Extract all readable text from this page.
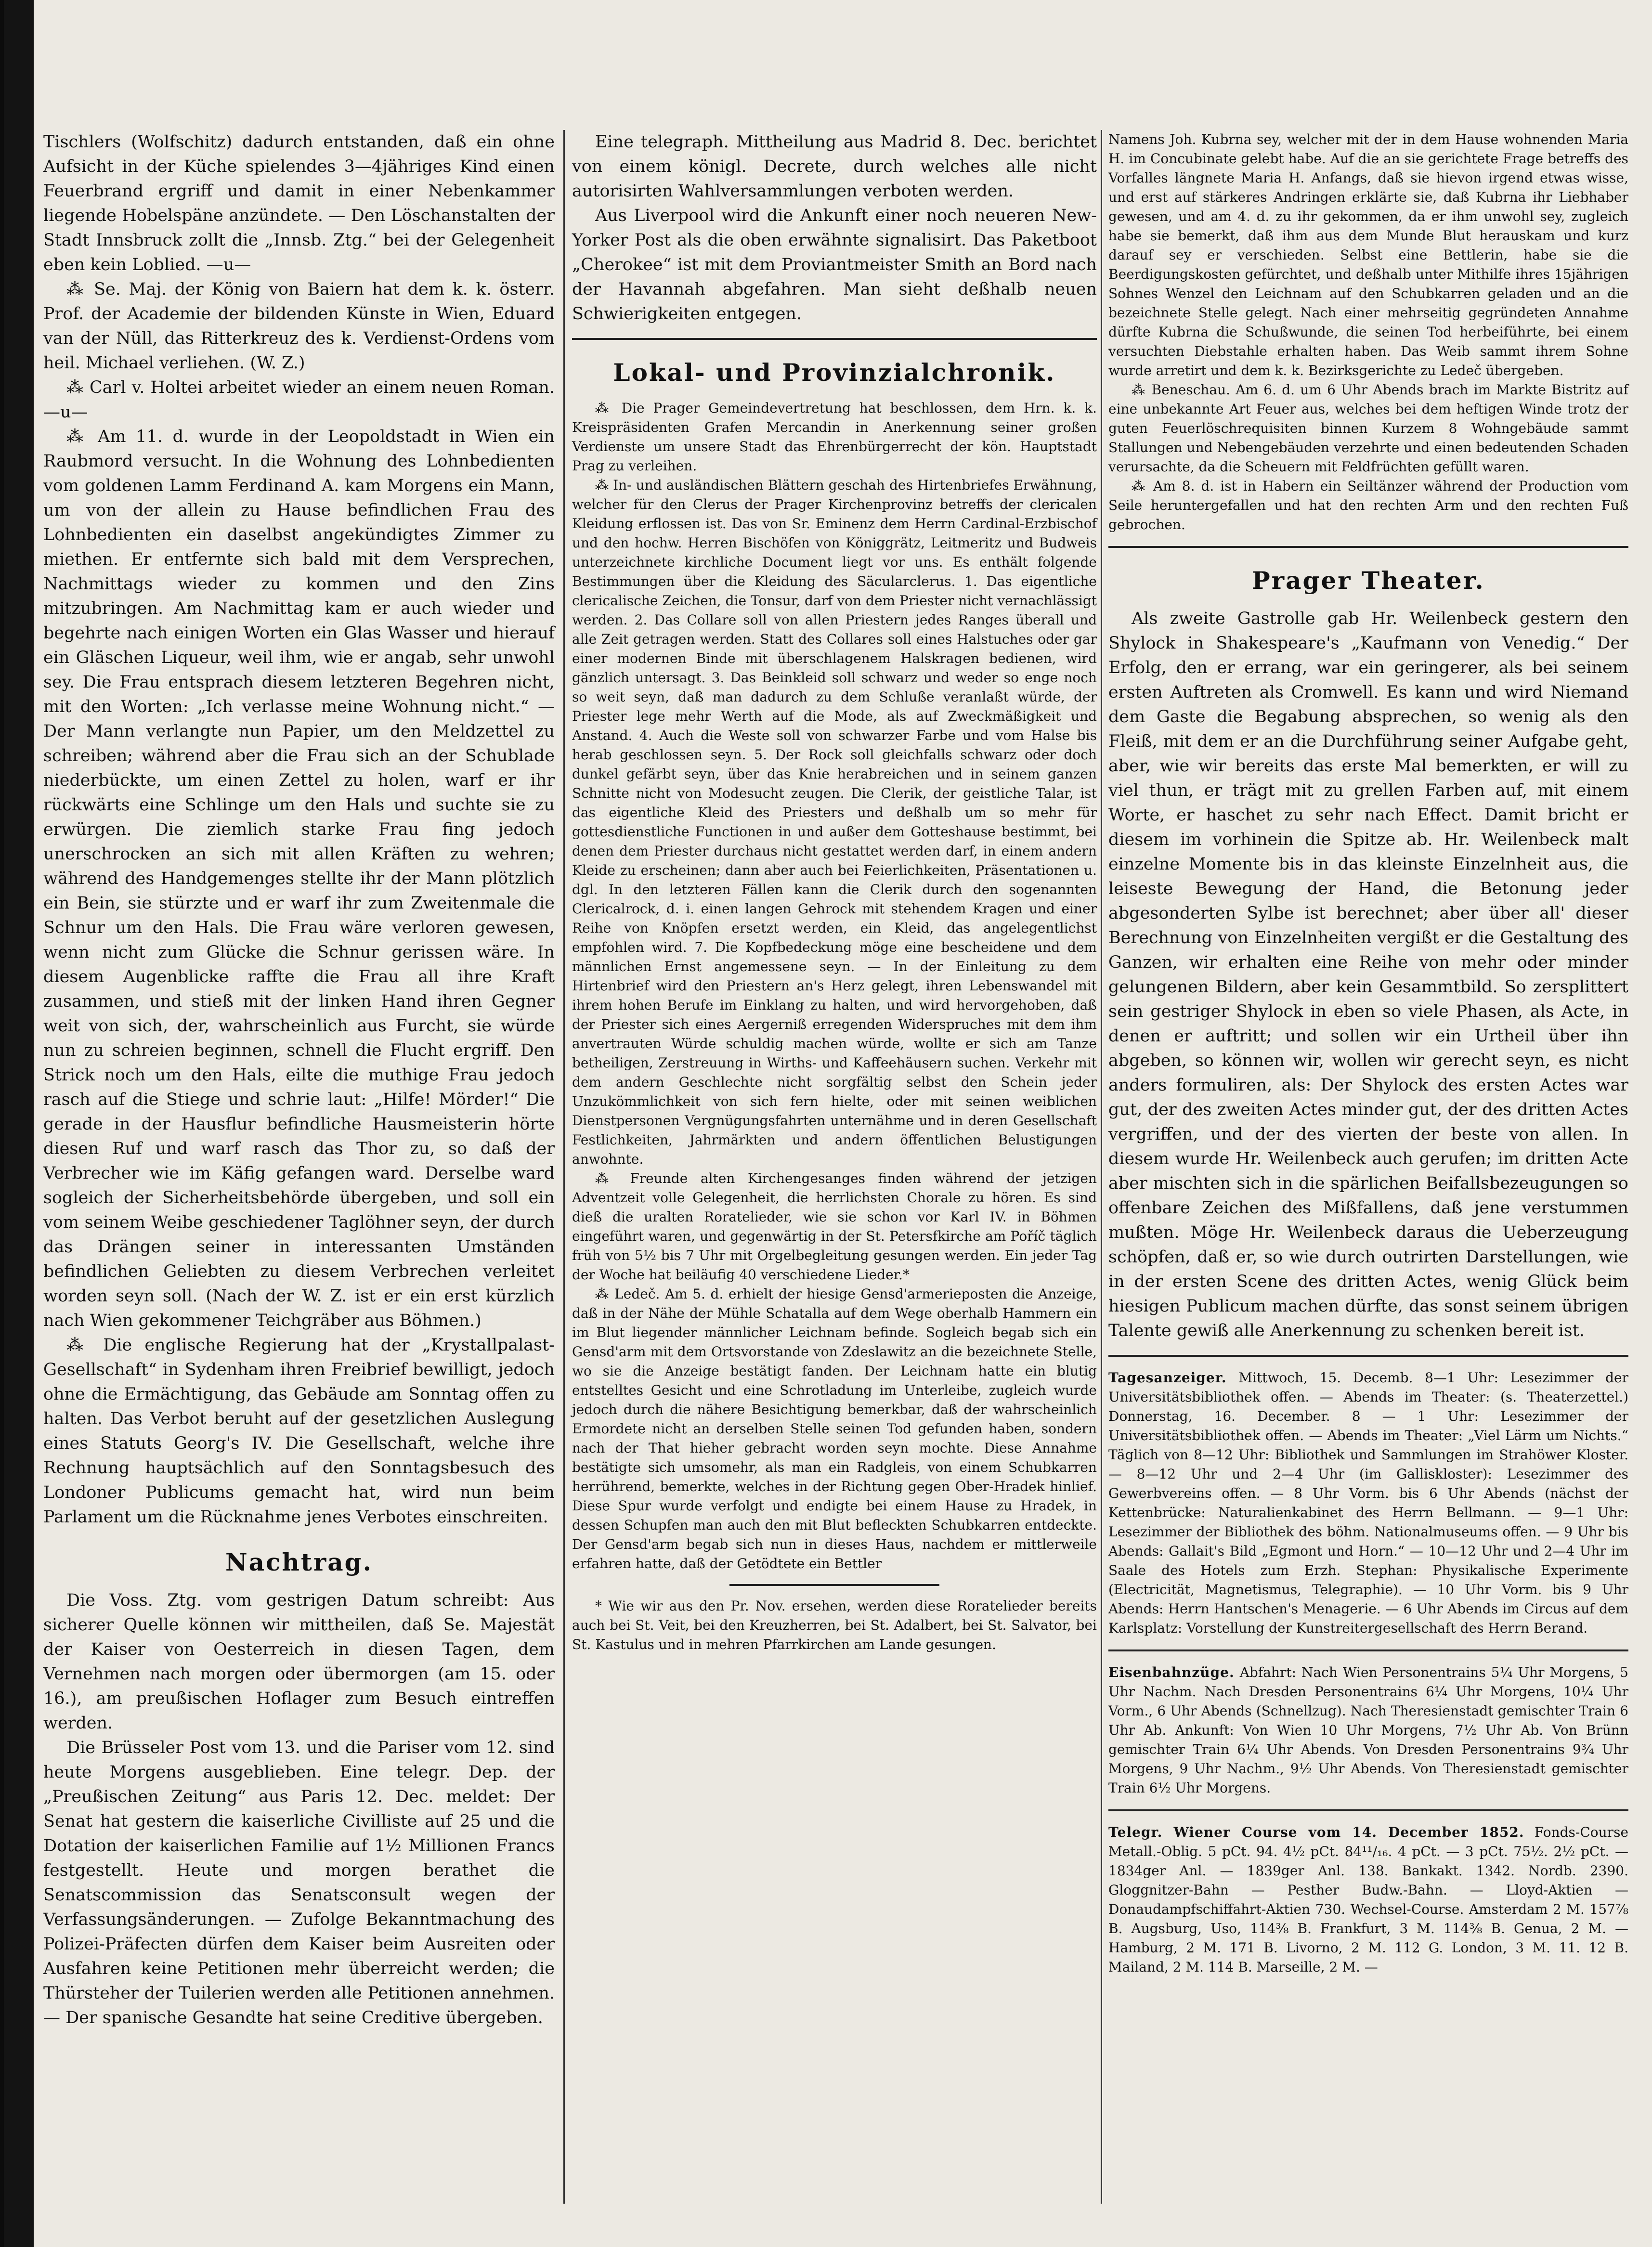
Tischlers (Wolfschitz) dadurch entstanden, daß ein ohne Aufsicht in der Küche spielendes 3—4jähriges Kind einen Feuerbrand ergriff und damit in einer Nebenkammer liegende Hobelspäne anzündete. — Den Löschanstalten der Stadt Innsbruck zollt die „Innsb. Ztg.“ bei der Gelegenheit eben kein Loblied. —u—

⁂ Se. Maj. der König von Baiern hat dem k. k. österr. Prof. der Academie der bildenden Künste in Wien, Eduard van der Nüll, das Ritterkreuz des k. Verdienst-Ordens vom heil. Michael verliehen. (W. Z.)

⁂ Carl v. Holtei arbeitet wieder an einem neuen Roman. —u—

⁂ Am 11. d. wurde in der Leopoldstadt in Wien ein Raubmord versucht. In die Wohnung des Lohnbedienten vom goldenen Lamm Ferdinand A. kam Morgens ein Mann, um von der allein zu Hause befindlichen Frau des Lohnbedienten ein daselbst angekündigtes Zimmer zu miethen. Er entfernte sich bald mit dem Versprechen, Nachmittags wieder zu kommen und den Zins mitzubringen. Am Nachmittag kam er auch wieder und begehrte nach einigen Worten ein Glas Wasser und hierauf ein Gläschen Liqueur, weil ihm, wie er angab, sehr unwohl sey. Die Frau entsprach diesem letzteren Begehren nicht, mit den Worten: „Ich verlasse meine Wohnung nicht.“ — Der Mann verlangte nun Papier, um den Meldzettel zu schreiben; während aber die Frau sich an der Schublade niederbückte, um einen Zettel zu holen, warf er ihr rückwärts eine Schlinge um den Hals und suchte sie zu erwürgen. Die ziemlich starke Frau fing jedoch unerschrocken an sich mit allen Kräften zu wehren; während des Handgemenges stellte ihr der Mann plötzlich ein Bein, sie stürzte und er warf ihr zum Zweitenmale die Schnur um den Hals. Die Frau wäre verloren gewesen, wenn nicht zum Glücke die Schnur gerissen wäre. In diesem Augenblicke raffte die Frau all ihre Kraft zusammen, und stieß mit der linken Hand ihren Gegner weit von sich, der, wahrscheinlich aus Furcht, sie würde nun zu schreien beginnen, schnell die Flucht ergriff. Den Strick noch um den Hals, eilte die muthige Frau jedoch rasch auf die Stiege und schrie laut: „Hilfe! Mörder!“ Die gerade in der Hausflur befindliche Hausmeisterin hörte diesen Ruf und warf rasch das Thor zu, so daß der Verbrecher wie im Käfig gefangen ward. Derselbe ward sogleich der Sicherheitsbehörde übergeben, und soll ein vom seinem Weibe geschiedener Taglöhner seyn, der durch das Drängen seiner in interessanten Umständen befindlichen Geliebten zu diesem Verbrechen verleitet worden seyn soll. (Nach der W. Z. ist er ein erst kürzlich nach Wien gekommener Teichgräber aus Böhmen.)

⁂ Die englische Regierung hat der „Krystallpalast-Gesellschaft“ in Sydenham ihren Freibrief bewilligt, jedoch ohne die Ermächtigung, das Gebäude am Sonntag offen zu halten. Das Verbot beruht auf der gesetzlichen Auslegung eines Statuts Georg's IV. Die Gesellschaft, welche ihre Rechnung hauptsächlich auf den Sonntagsbesuch des Londoner Publicums gemacht hat, wird nun beim Parlament um die Rücknahme jenes Verbotes einschreiten.

Nachtrag.

Die Voss. Ztg. vom gestrigen Datum schreibt: Aus sicherer Quelle können wir mittheilen, daß Se. Majestät der Kaiser von Oesterreich in diesen Tagen, dem Vernehmen nach morgen oder übermorgen (am 15. oder 16.), am preußischen Hoflager zum Besuch eintreffen werden.

Die Brüsseler Post vom 13. und die Pariser vom 12. sind heute Morgens ausgeblieben. Eine telegr. Dep. der „Preußischen Zeitung“ aus Paris 12. Dec. meldet: Der Senat hat gestern die kaiserliche Civilliste auf 25 und die Dotation der kaiserlichen Familie auf 1½ Millionen Francs festgestellt. Heute und morgen berathet die Senatscommission das Senatsconsult wegen der Verfassungsänderungen. — Zufolge Bekanntmachung des Polizei-Präfecten dürfen dem Kaiser beim Ausreiten oder Ausfahren keine Petitionen mehr überreicht werden; die Thürsteher der Tuilerien werden alle Petitionen annehmen. — Der spanische Gesandte hat seine Creditive übergeben.

Eine telegraph. Mittheilung aus Madrid 8. Dec. berichtet von einem königl. Decrete, durch welches alle nicht autorisirten Wahlversammlungen verboten werden.

Aus Liverpool wird die Ankunft einer noch neueren New-Yorker Post als die oben erwähnte signalisirt. Das Paketboot „Cherokee“ ist mit dem Proviantmeister Smith an Bord nach der Havannah abgefahren. Man sieht deßhalb neuen Schwierigkeiten entgegen.

Lokal- und Provinzialchronik.

⁂ Die Prager Gemeindevertretung hat beschlossen, dem Hrn. k. k. Kreispräsidenten Grafen Mercandin in Anerkennung seiner großen Verdienste um unsere Stadt das Ehrenbürgerrecht der kön. Hauptstadt Prag zu verleihen.

⁂ In- und ausländischen Blättern geschah des Hirtenbriefes Erwähnung, welcher für den Clerus der Prager Kirchenprovinz betreffs der clericalen Kleidung erflossen ist. Das von Sr. Eminenz dem Herrn Cardinal-Erzbischof und den hochw. Herren Bischöfen von Königgrätz, Leitmeritz und Budweis unterzeichnete kirchliche Document liegt vor uns. Es enthält folgende Bestimmungen über die Kleidung des Säcularclerus. 1. Das eigentliche clericalische Zeichen, die Tonsur, darf von dem Priester nicht vernachlässigt werden. 2. Das Collare soll von allen Priestern jedes Ranges überall und alle Zeit getragen werden. Statt des Collares soll eines Halstuches oder gar einer modernen Binde mit überschlagenem Halskragen bedienen, wird gänzlich untersagt. 3. Das Beinkleid soll schwarz und weder so enge noch so weit seyn, daß man dadurch zu dem Schluße veranlaßt würde, der Priester lege mehr Werth auf die Mode, als auf Zweckmäßigkeit und Anstand. 4. Auch die Weste soll von schwarzer Farbe und vom Halse bis herab geschlossen seyn. 5. Der Rock soll gleichfalls schwarz oder doch dunkel gefärbt seyn, über das Knie herabreichen und in seinem ganzen Schnitte nicht von Modesucht zeugen. Die Clerik, der geistliche Talar, ist das eigentliche Kleid des Priesters und deßhalb um so mehr für gottesdienstliche Functionen in und außer dem Gotteshause bestimmt, bei denen dem Priester durchaus nicht gestattet werden darf, in einem andern Kleide zu erscheinen; dann aber auch bei Feierlichkeiten, Präsentationen u. dgl. In den letzteren Fällen kann die Clerik durch den sogenannten Clericalrock, d. i. einen langen Gehrock mit stehendem Kragen und einer Reihe von Knöpfen ersetzt werden, ein Kleid, das angelegentlichst empfohlen wird. 7. Die Kopfbedeckung möge eine bescheidene und dem männlichen Ernst angemessene seyn. — In der Einleitung zu dem Hirtenbrief wird den Priestern an's Herz gelegt, ihren Lebenswandel mit ihrem hohen Berufe im Einklang zu halten, und wird hervorgehoben, daß der Priester sich eines Aergerniß erregenden Widerspruches mit dem ihm anvertrauten Würde schuldig machen würde, wollte er sich am Tanze betheiligen, Zerstreuung in Wirths- und Kaffeehäusern suchen. Verkehr mit dem andern Geschlechte nicht sorgfältig selbst den Schein jeder Unzukömmlichkeit von sich fern hielte, oder mit seinen weiblichen Dienstpersonen Vergnügungsfahrten unternähme und in deren Gesellschaft Festlichkeiten, Jahrmärkten und andern öffentlichen Belustigungen anwohnte.

⁂ Freunde alten Kirchengesanges finden während der jetzigen Adventzeit volle Gelegenheit, die herrlichsten Chorale zu hören. Es sind dieß die uralten Roratelieder, wie sie schon vor Karl IV. in Böhmen eingeführt waren, und gegenwärtig in der St. Petersfkirche am Poříč täglich früh von 5½ bis 7 Uhr mit Orgelbegleitung gesungen werden. Ein jeder Tag der Woche hat beiläufig 40 verschiedene Lieder.*

⁂ Ledeč. Am 5. d. erhielt der hiesige Gensd'armerieposten die Anzeige, daß in der Nähe der Mühle Schatalla auf dem Wege oberhalb Hammern ein im Blut liegender männlicher Leichnam befinde. Sogleich begab sich ein Gensd'arm mit dem Ortsvorstande von Zdeslawitz an die bezeichnete Stelle, wo sie die Anzeige bestätigt fanden. Der Leichnam hatte ein blutig entstelltes Gesicht und eine Schrotladung im Unterleibe, zugleich wurde jedoch durch die nähere Besichtigung bemerkbar, daß der wahrscheinlich Ermordete nicht an derselben Stelle seinen Tod gefunden haben, sondern nach der That hieher gebracht worden seyn mochte. Diese Annahme bestätigte sich umsomehr, als man ein Radgleis, von einem Schubkarren herrührend, bemerkte, welches in der Richtung gegen Ober-Hradek hinlief. Diese Spur wurde verfolgt und endigte bei einem Hause zu Hradek, in dessen Schupfen man auch den mit Blut befleckten Schubkarren entdeckte. Der Gensd'arm begab sich nun in dieses Haus, nachdem er mittlerweile erfahren hatte, daß der Getödtete ein Bettler

* Wie wir aus den Pr. Nov. ersehen, werden diese Roratelieder bereits auch bei St. Veit, bei den Kreuzherren, bei St. Adalbert, bei St. Salvator, bei St. Kastulus und in mehren Pfarrkirchen am Lande gesungen.

Namens Joh. Kubrna sey, welcher mit der in dem Hause wohnenden Maria H. im Concubinate gelebt habe. Auf die an sie gerichtete Frage betreffs des Vorfalles längnete Maria H. Anfangs, daß sie hievon irgend etwas wisse, und erst auf stärkeres Andringen erklärte sie, daß Kubrna ihr Liebhaber gewesen, und am 4. d. zu ihr gekommen, da er ihm unwohl sey, zugleich habe sie bemerkt, daß ihm aus dem Munde Blut herauskam und kurz darauf sey er verschieden. Selbst eine Bettlerin, habe sie die Beerdigungskosten gefürchtet, und deßhalb unter Mithilfe ihres 15jährigen Sohnes Wenzel den Leichnam auf den Schubkarren geladen und an die bezeichnete Stelle gelegt. Nach einer mehrseitig gegründeten Annahme dürfte Kubrna die Schußwunde, die seinen Tod herbeiführte, bei einem versuchten Diebstahle erhalten haben. Das Weib sammt ihrem Sohne wurde arretirt und dem k. k. Bezirksgerichte zu Ledeč übergeben.

⁂ Beneschau. Am 6. d. um 6 Uhr Abends brach im Markte Bistritz auf eine unbekannte Art Feuer aus, welches bei dem heftigen Winde trotz der guten Feuerlöschrequisiten binnen Kurzem 8 Wohngebäude sammt Stallungen und Nebengebäuden verzehrte und einen bedeutenden Schaden verursachte, da die Scheuern mit Feldfrüchten gefüllt waren.

⁂ Am 8. d. ist in Habern ein Seiltänzer während der Production vom Seile heruntergefallen und hat den rechten Arm und den rechten Fuß gebrochen.

Prager Theater.

Als zweite Gastrolle gab Hr. Weilenbeck gestern den Shylock in Shakespeare's „Kaufmann von Venedig.“ Der Erfolg, den er errang, war ein geringerer, als bei seinem ersten Auftreten als Cromwell. Es kann und wird Niemand dem Gaste die Begabung absprechen, so wenig als den Fleiß, mit dem er an die Durchführung seiner Aufgabe geht, aber, wie wir bereits das erste Mal bemerkten, er will zu viel thun, er trägt mit zu grellen Farben auf, mit einem Worte, er haschet zu sehr nach Effect. Damit bricht er diesem im vorhinein die Spitze ab. Hr. Weilenbeck malt einzelne Momente bis in das kleinste Einzelnheit aus, die leiseste Bewegung der Hand, die Betonung jeder abgesonderten Sylbe ist berechnet; aber über all' dieser Berechnung von Einzelnheiten vergißt er die Gestaltung des Ganzen, wir erhalten eine Reihe von mehr oder minder gelungenen Bildern, aber kein Gesammtbild. So zersplittert sein gestriger Shylock in eben so viele Phasen, als Acte, in denen er auftritt; und sollen wir ein Urtheil über ihn abgeben, so können wir, wollen wir gerecht seyn, es nicht anders formuliren, als: Der Shylock des ersten Actes war gut, der des zweiten Actes minder gut, der des dritten Actes vergriffen, und der des vierten der beste von allen. In diesem wurde Hr. Weilenbeck auch gerufen; im dritten Acte aber mischten sich in die spärlichen Beifallsbezeugungen so offenbare Zeichen des Mißfallens, daß jene verstummen mußten. Möge Hr. Weilenbeck daraus die Ueberzeugung schöpfen, daß er, so wie durch outrirten Darstellungen, wie in der ersten Scene des dritten Actes, wenig Glück beim hiesigen Publicum machen dürfte, das sonst seinem übrigen Talente gewiß alle Anerkennung zu schenken bereit ist.

Tagesanzeiger. Mittwoch, 15. Decemb. 8—1 Uhr: Lesezimmer der Universitätsbibliothek offen. — Abends im Theater: (s. Theaterzettel.) Donnerstag, 16. December. 8 — 1 Uhr: Lesezimmer der Universitätsbibliothek offen. — Abends im Theater: „Viel Lärm um Nichts.“ Täglich von 8—12 Uhr: Bibliothek und Sammlungen im Strahöwer Kloster. — 8—12 Uhr und 2—4 Uhr (im Galliskloster): Lesezimmer des Gewerbvereins offen. — 8 Uhr Vorm. bis 6 Uhr Abends (nächst der Kettenbrücke: Naturalienkabinet des Herrn Bellmann. — 9—1 Uhr: Lesezimmer der Bibliothek des böhm. Nationalmuseums offen. — 9 Uhr bis Abends: Gallait's Bild „Egmont und Horn.“ — 10—12 Uhr und 2—4 Uhr im Saale des Hotels zum Erzh. Stephan: Physikalische Experimente (Electricität, Magnetismus, Telegraphie). — 10 Uhr Vorm. bis 9 Uhr Abends: Herrn Hantschen's Menagerie. — 6 Uhr Abends im Circus auf dem Karlsplatz: Vorstellung der Kunstreitergesellschaft des Herrn Berand.

Eisenbahnzüge. Abfahrt: Nach Wien Personentrains 5¼ Uhr Morgens, 5 Uhr Nachm. Nach Dresden Personentrains 6¼ Uhr Morgens, 10¼ Uhr Vorm., 6 Uhr Abends (Schnellzug). Nach Theresienstadt gemischter Train 6 Uhr Ab. Ankunft: Von Wien 10 Uhr Morgens, 7½ Uhr Ab. Von Brünn gemischter Train 6¼ Uhr Abends. Von Dresden Personentrains 9¾ Uhr Morgens, 9 Uhr Nachm., 9½ Uhr Abends. Von Theresienstadt gemischter Train 6½ Uhr Morgens.

Telegr. Wiener Course vom 14. December 1852. Fonds-Course Metall.-Oblig. 5 pCt. 94. 4½ pCt. 84¹¹/₁₆. 4 pCt. — 3 pCt. 75½. 2½ pCt. — 1834ger Anl. — 1839ger Anl. 138. Bankakt. 1342. Nordb. 2390. Gloggnitzer-Bahn — Pesther Budw.-Bahn. — Lloyd-Aktien — Donaudampfschiffahrt-Aktien 730. Wechsel-Course. Amsterdam 2 M. 157⅞ B. Augsburg, Uso, 114⅜ B. Frankfurt, 3 M. 114⅜ B. Genua, 2 M. — Hamburg, 2 M. 171 B. Livorno, 2 M. 112 G. London, 3 M. 11. 12 B. Mailand, 2 M. 114 B. Marseille, 2 M. —
